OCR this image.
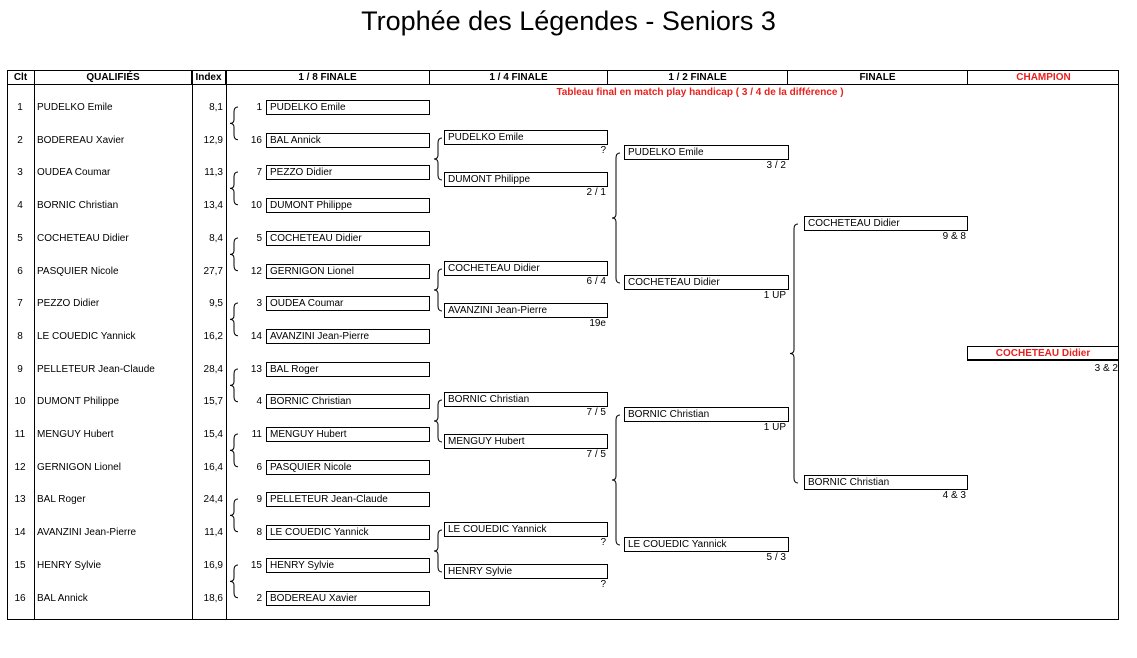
Trophée des Légendes - Seniors 3
Clt	QUALIFIÉS	Index	1 / 8 FINALE	1 / 4 FINALE	1 / 2 FINALE	FINALE	CHAMPION
Tableau final en match play handicap ( 3 / 4 de la différence )
1	PUDELKO Emile	8,1
2	BODEREAU Xavier	12,9
3	OUDEA Coumar	11,3
4	BORNIC Christian	13,4
5	COCHETEAU Didier	8,4
6	PASQUIER Nicole	27,7
7	PEZZO Didier	9,5
8	LE COUEDIC Yannick	16,2
9	PELLETEUR Jean-Claude	28,4
10	DUMONT Philippe	15,7
11	MENGUY Hubert	15,4
12	GERNIGON Lionel	16,4
13	BAL Roger	24,4
14	AVANZINI Jean-Pierre	11,4
15	HENRY Sylvie	16,9
16	BAL Annick	18,6
1 PUDELKO Emile
16 BAL Annick
7 PEZZO Didier
10 DUMONT Philippe
5 COCHETEAU Didier
12 GERNIGON Lionel
3 OUDEA Coumar
14 AVANZINI Jean-Pierre
13 BAL Roger
4 BORNIC Christian
11 MENGUY Hubert
6 PASQUIER Nicole
9 PELLETEUR Jean-Claude
8 LE COUEDIC Yannick
15 HENRY Sylvie
2 BODEREAU Xavier
PUDELKO Emile
?
DUMONT Philippe
2 / 1
COCHETEAU Didier
6 / 4
AVANZINI Jean-Pierre
19e
BORNIC Christian
7 / 5
MENGUY Hubert
7 / 5
LE COUEDIC Yannick
?
HENRY Sylvie
?
PUDELKO Emile
3 / 2
COCHETEAU Didier
1 UP
BORNIC Christian
1 UP
LE COUEDIC Yannick
5 / 3
COCHETEAU Didier
9 & 8
BORNIC Christian
4 & 3
COCHETEAU Didier
3 & 2
